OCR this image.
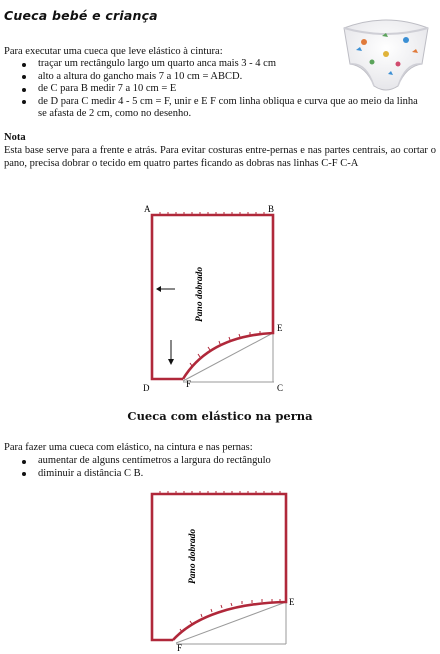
Cueca bebé e criança
Para executar uma cueca que leve elástico à cintura:
traçar um rectângulo largo um quarto anca mais 3 - 4 cm
alto a altura do gancho mais 7 a 10 cm = ABCD.
de C para B medir 7 a 10 cm = E
de D para C medir 4 - 5 cm = F, unir e E F com linha obliqua e curva que ao meio da linha se afasta de 2 cm, como no desenho.
Nota
Esta base serve para a frente e atrás. Para evitar costuras entre-pernas e nas partes centrais, ao cortar o pano, precisa dobrar o tecido em quatro partes ficando as dobras nas linhas C-F C-A
A	B
E
D	F	C
Pano dobrado
Cueca com elástico na perna
Para fazer uma cueca com elástico, na cintura e nas pernas:
aumentar de alguns centímetros a largura do rectângulo
diminuir a distância C B.
E
F
Pano dobrado
